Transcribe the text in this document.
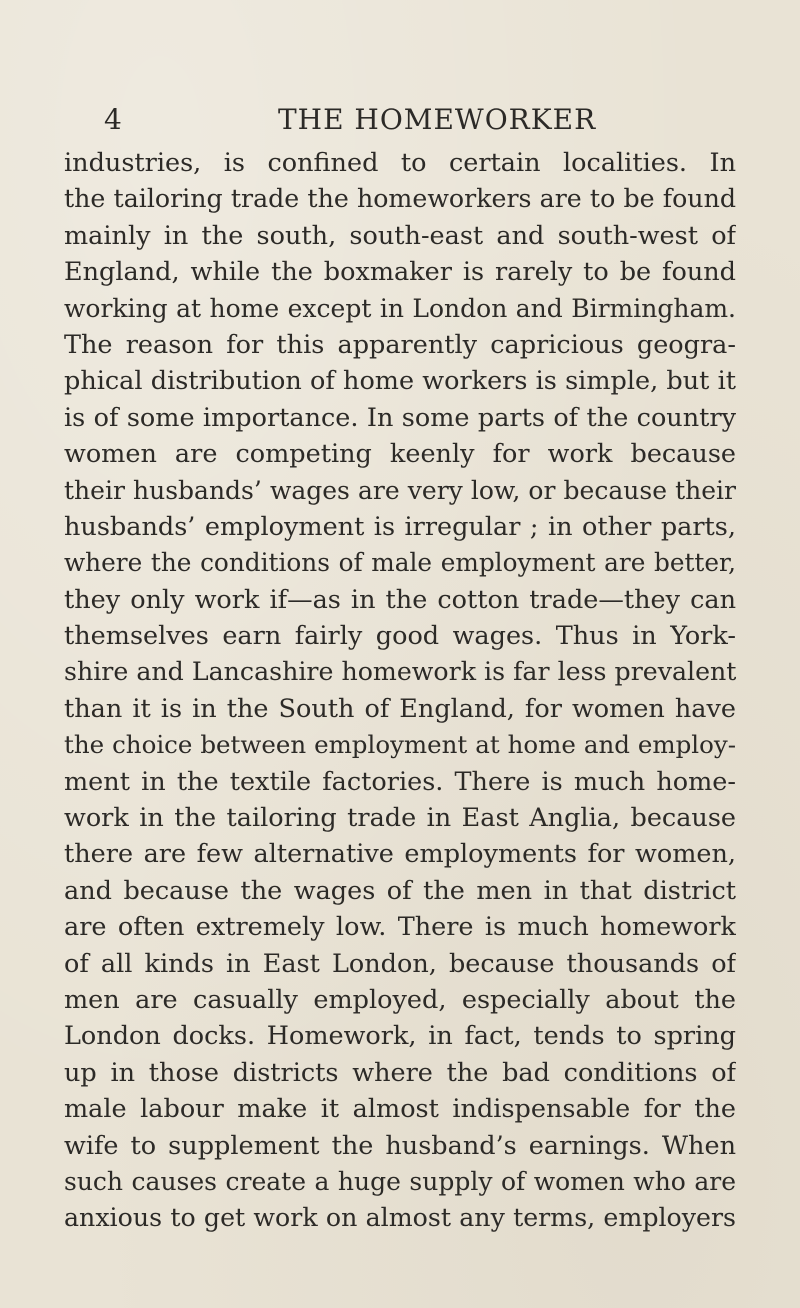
4	THE HOMEWORKER
industries, is confined to certain localities. In
the tailoring trade the homeworkers are to be found
mainly in the south, south-east and south-west of
England, while the boxmaker is rarely to be found
working at home except in London and Birmingham.
The reason for this apparently capricious geogra-
phical distribution of home workers is simple, but it
is of some importance. In some parts of the country
women are competing keenly for work because
their husbands’ wages are very low, or because their
husbands’ employment is irregular ; in other parts,
where the conditions of male employment are better,
they only work if—as in the cotton trade—they can
themselves earn fairly good wages. Thus in York-
shire and Lancashire homework is far less prevalent
than it is in the South of England, for women have
the choice between employment at home and employ-
ment in the textile factories. There is much home-
work in the tailoring trade in East Anglia, because
there are few alternative employments for women,
and because the wages of the men in that district
are often extremely low. There is much homework
of all kinds in East London, because thousands of
men are casually employed, especially about the
London docks. Homework, in fact, tends to spring
up in those districts where the bad conditions of
male labour make it almost indispensable for the
wife to supplement the husband’s earnings. When
such causes create a huge supply of women who are
anxious to get work on almost any terms, employers
